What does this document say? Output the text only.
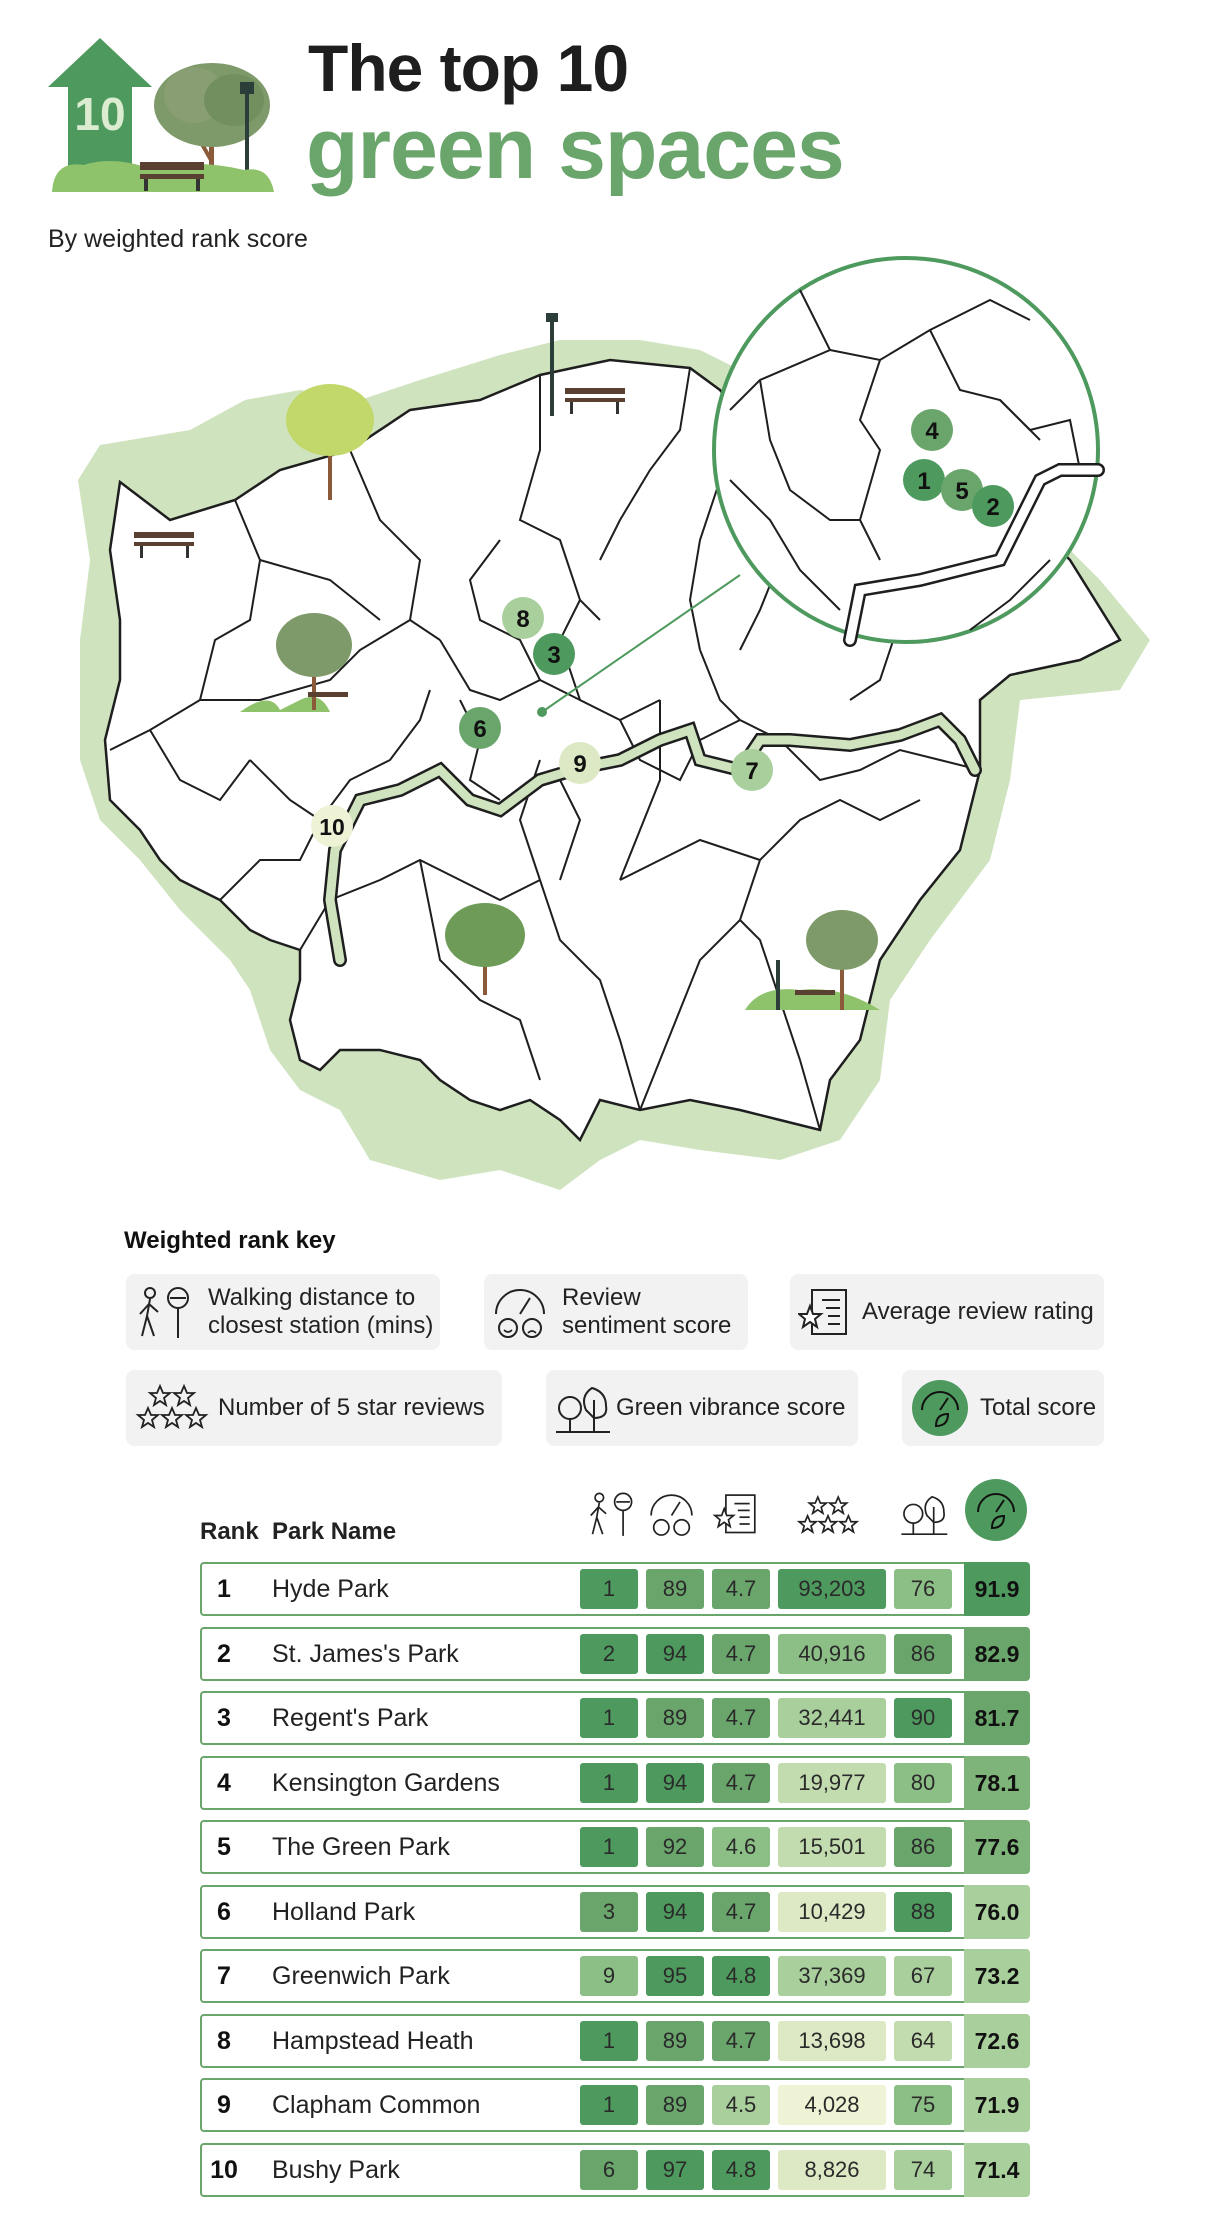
10
The top 10
green spaces
By weighted rank score
1 5
2
4
8
3
6
9	7
10
Weighted rank key
Walking distance to
closest station (mins)
Review
sentiment score
Average review rating
Number of 5 star reviews	Green vibrance score	Total score
Rank Park Name
1	Hyde Park	1	89	4.7	93,203	76	91.9
2	St. James's Park	2	94	4.7	40,916	86	82.9
3	Regent's Park	1	89	4.7	32,441	90	81.7
4	Kensington Gardens	1	94	4.7	19,977	80	78.1
5	The Green Park	1	92	4.6	15,501	86	77.6
6	Holland Park	3	94	4.7	10,429	88	76.0
7	Greenwich Park	9	95	4.8	37,369	67	73.2
8	Hampstead Heath	1	89	4.7	13,698	64	72.6
9	Clapham Common	1	89	4.5	4,028	75	71.9
10	Bushy Park	6	97	4.8	8,826	74	71.4
